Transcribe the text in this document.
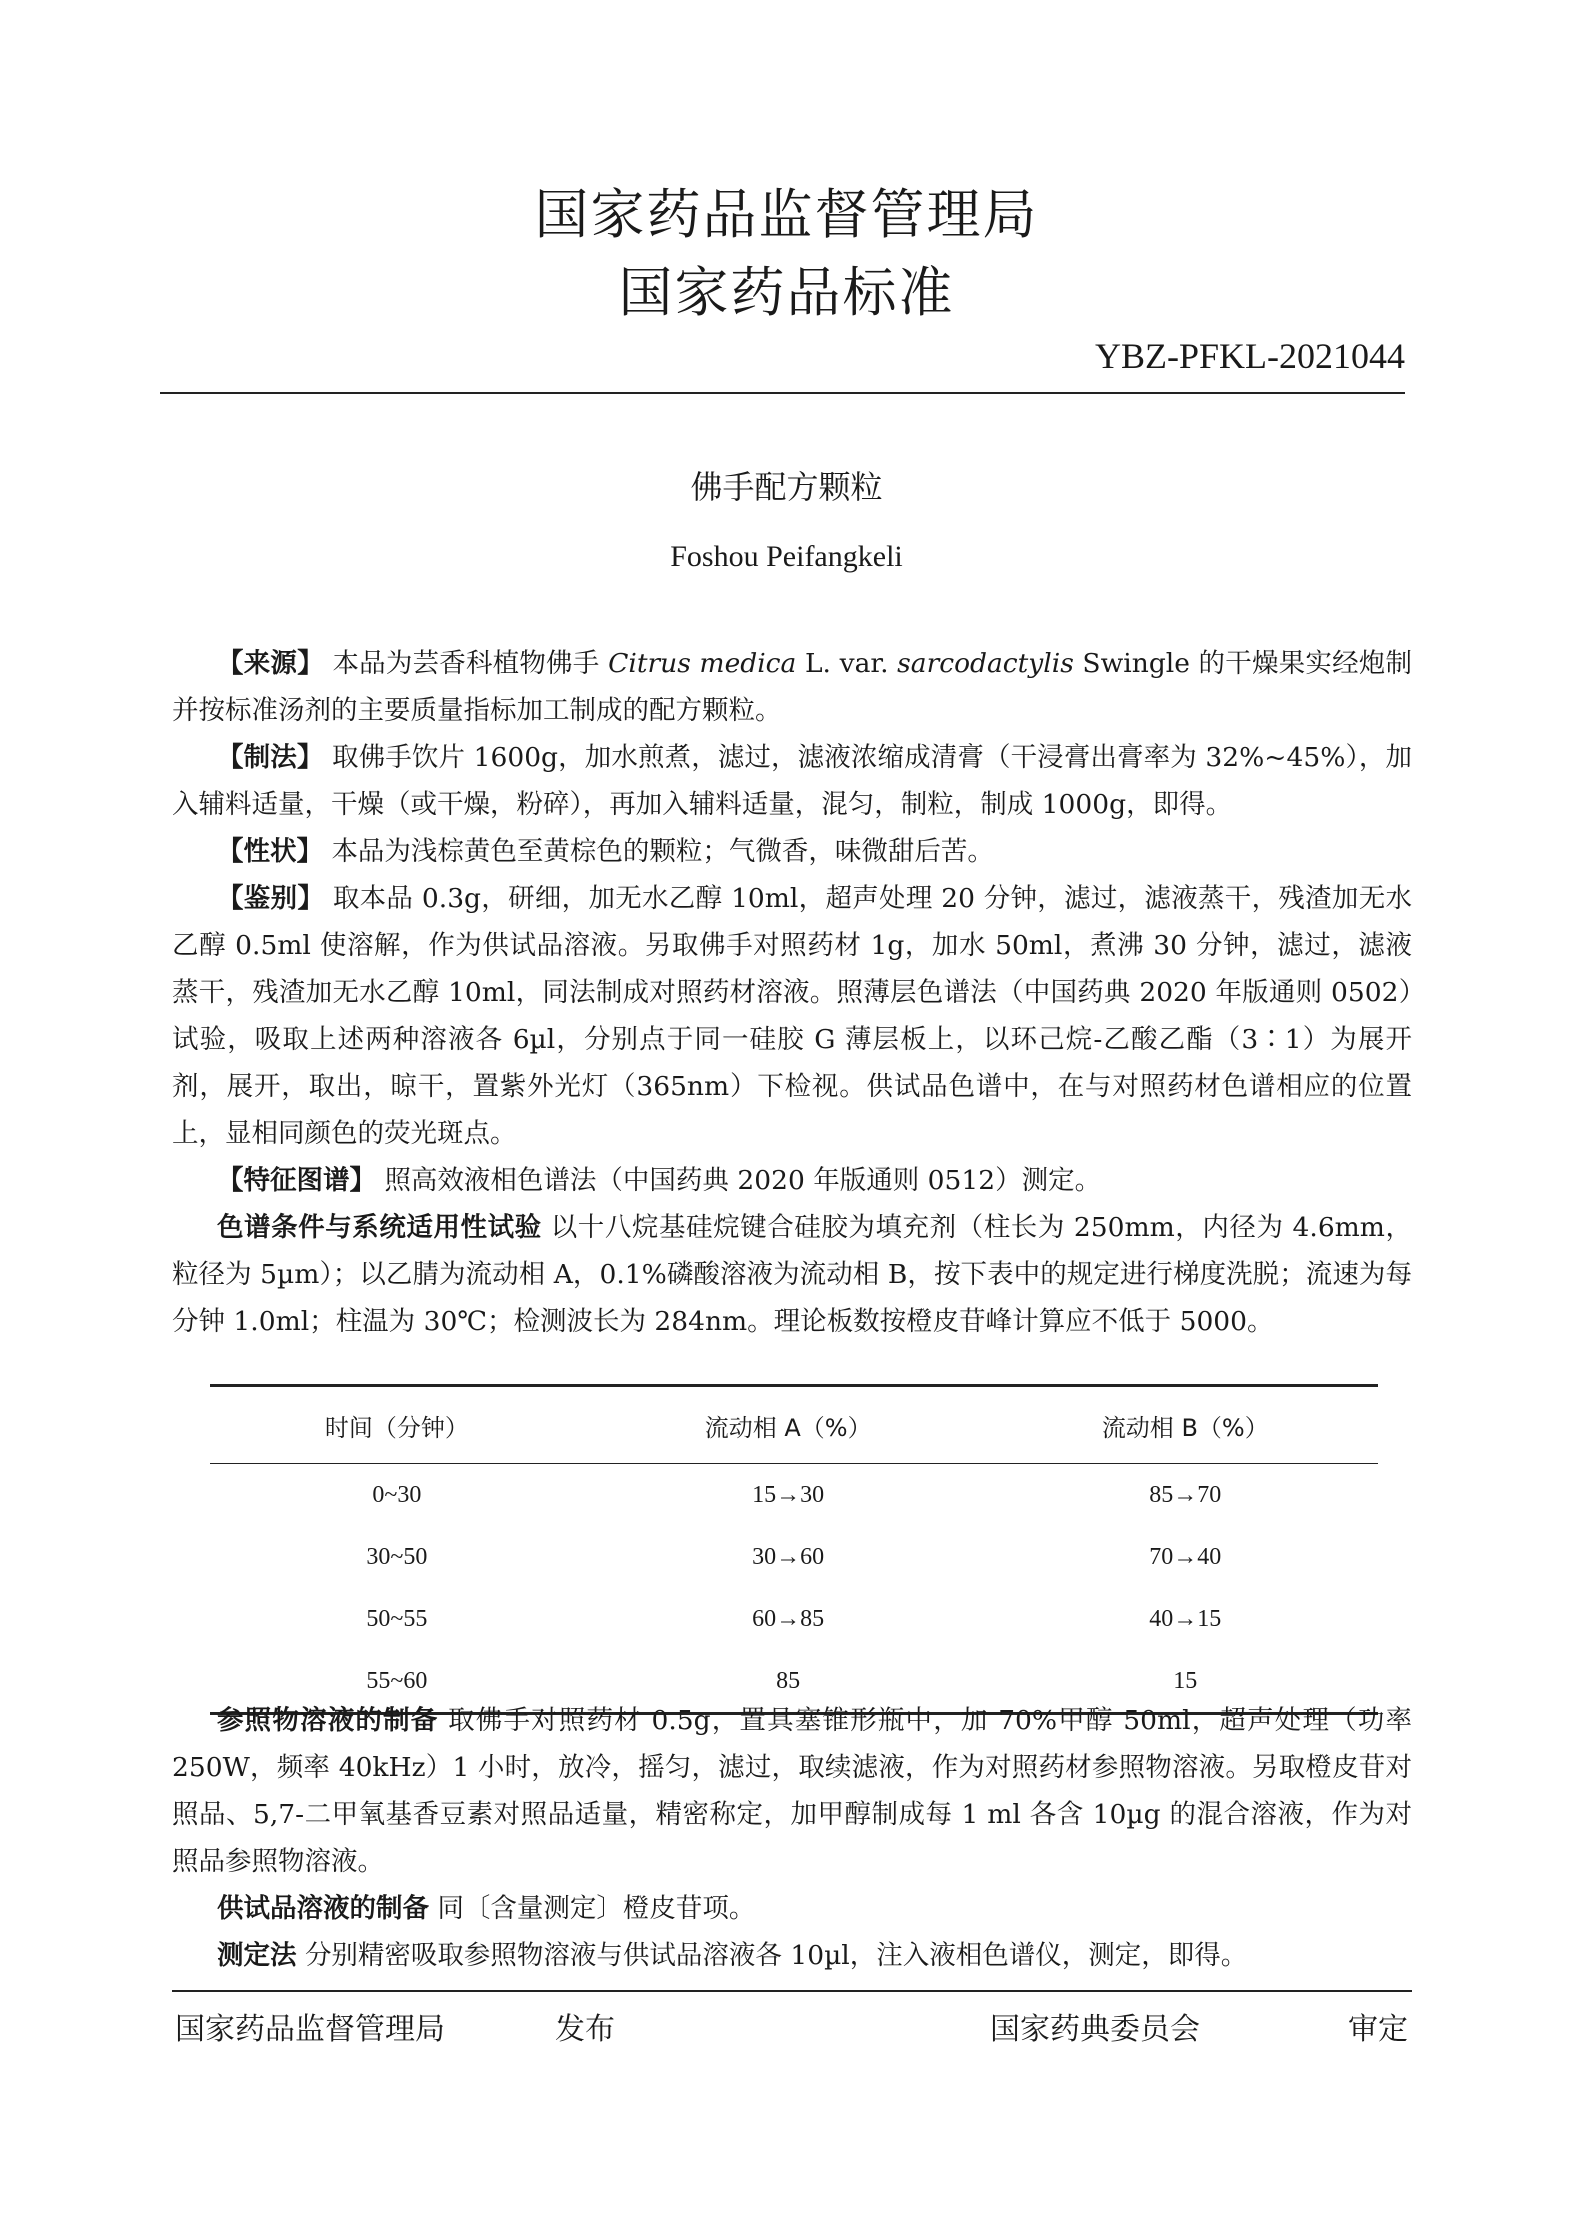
国家药品监督管理局
国家药品标准
YBZ-PFKL-2021044
佛手配方颗粒
Foshou Peifangkeli

【来源】 本品为芸香科植物佛手 Citrus medica L. var. sarcodactylis Swingle 的干燥果实经炮制并按标准汤剂的主要质量指标加工制成的配方颗粒。

【制法】 取佛手饮片 1600g，加水煎煮，滤过，滤液浓缩成清膏（干浸膏出膏率为 32%~45%），加入辅料适量，干燥（或干燥，粉碎），再加入辅料适量，混匀，制粒，制成 1000g，即得。

【性状】 本品为浅棕黄色至黄棕色的颗粒；气微香，味微甜后苦。

【鉴别】 取本品 0.3g，研细，加无水乙醇 10ml，超声处理 20 分钟，滤过，滤液蒸干，残渣加无水乙醇 0.5ml 使溶解，作为供试品溶液。另取佛手对照药材 1g，加水 50ml，煮沸 30 分钟，滤过，滤液蒸干，残渣加无水乙醇 10ml，同法制成对照药材溶液。照薄层色谱法（中国药典 2020 年版通则 0502）试验，吸取上述两种溶液各 6µl，分别点于同一硅胶 G 薄层板上，以环己烷-乙酸乙酯（3∶1）为展开剂，展开，取出，晾干，置紫外光灯（365nm）下检视。供试品色谱中，在与对照药材色谱相应的位置上，显相同颜色的荧光斑点。

【特征图谱】 照高效液相色谱法（中国药典 2020 年版通则 0512）测定。

色谱条件与系统适用性试验 以十八烷基硅烷键合硅胶为填充剂（柱长为 250mm，内径为 4.6mm，粒径为 5µm）；以乙腈为流动相 A，0.1%磷酸溶液为流动相 B，按下表中的规定进行梯度洗脱；流速为每分钟 1.0ml；柱温为 30℃；检测波长为 284nm。理论板数按橙皮苷峰计算应不低于 5000。

时间（分钟）	流动相 A（%）	流动相 B（%）
0~30	15→30	85→70
30~50	30→60	70→40
50~55	60→85	40→15
55~60	85	15

参照物溶液的制备 取佛手对照药材 0.5g，置具塞锥形瓶中，加 70%甲醇 50ml，超声处理（功率 250W，频率 40kHz）1 小时，放冷，摇匀，滤过，取续滤液，作为对照药材参照物溶液。另取橙皮苷对照品、5,7-二甲氧基香豆素对照品适量，精密称定，加甲醇制成每 1 ml 各含 10µg 的混合溶液，作为对照品参照物溶液。

供试品溶液的制备 同〔含量测定〕橙皮苷项。

测定法 分别精密吸取参照物溶液与供试品溶液各 10µl，注入液相色谱仪，测定，即得。

国家药品监督管理局	发布	国家药典委员会	审定
